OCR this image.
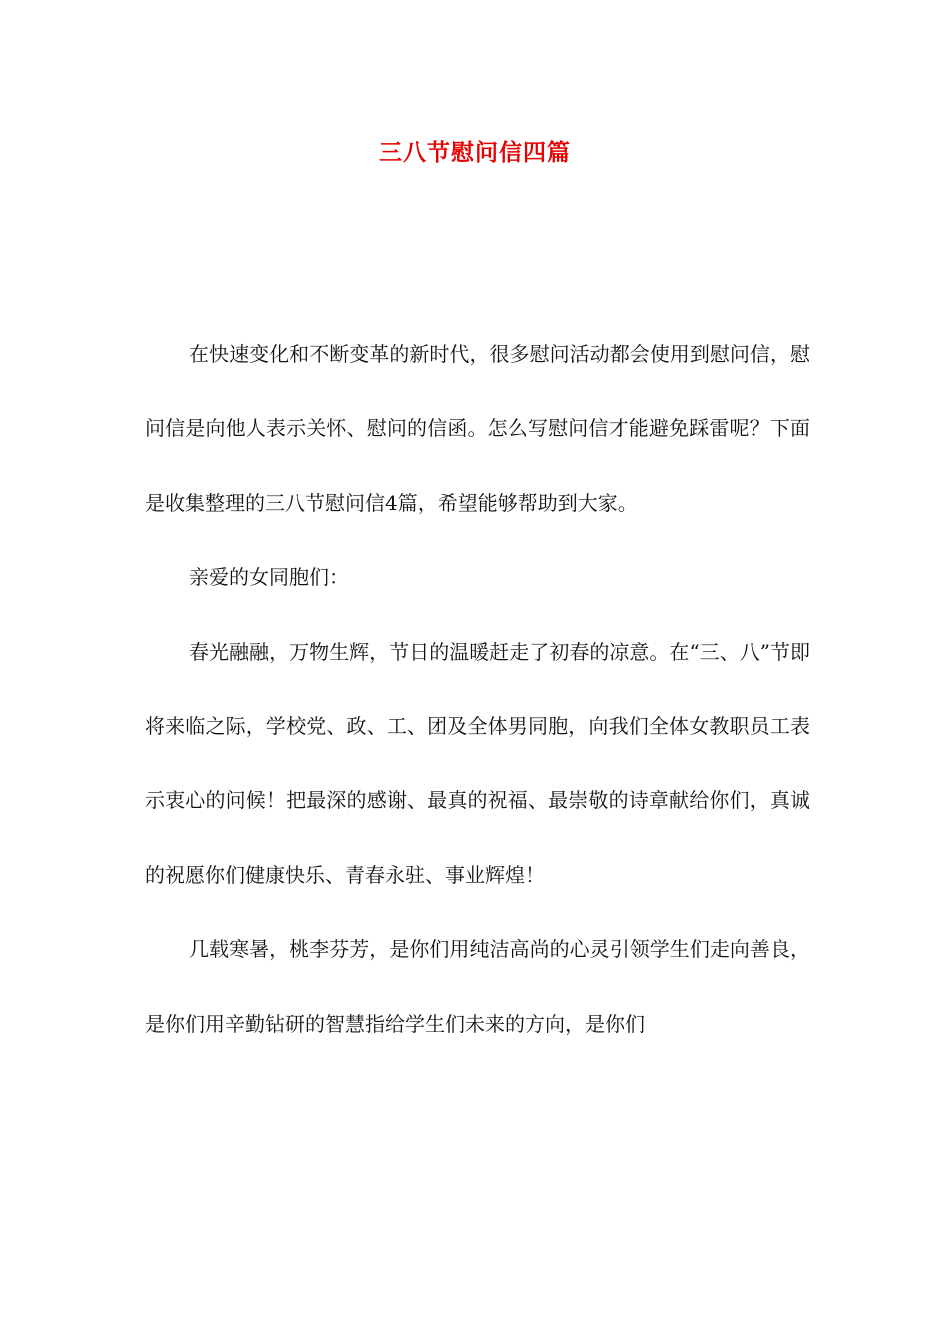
三八节慰问信四篇

在快速变化和不断变革的新时代，很多慰问活动都会使用到慰问信，慰问信是向他人表示关怀、慰问的信函。怎么写慰问信才能避免踩雷呢？下面是收集整理的三八节慰问信4篇，希望能够帮助到大家。

亲爱的女同胞们：

春光融融，万物生辉，节日的温暖赶走了初春的凉意。在“三、八”节即将来临之际，学校党、政、工、团及全体男同胞，向我们全体女教职员工表示衷心的问候！把最深的感谢、最真的祝福、最崇敬的诗章献给你们，真诚的祝愿你们健康快乐、青春永驻、事业辉煌！

几载寒暑，桃李芬芳，是你们用纯洁高尚的心灵引领学生们走向善良，是你们用辛勤钻研的智慧指给学生们未来的方向，是你们
